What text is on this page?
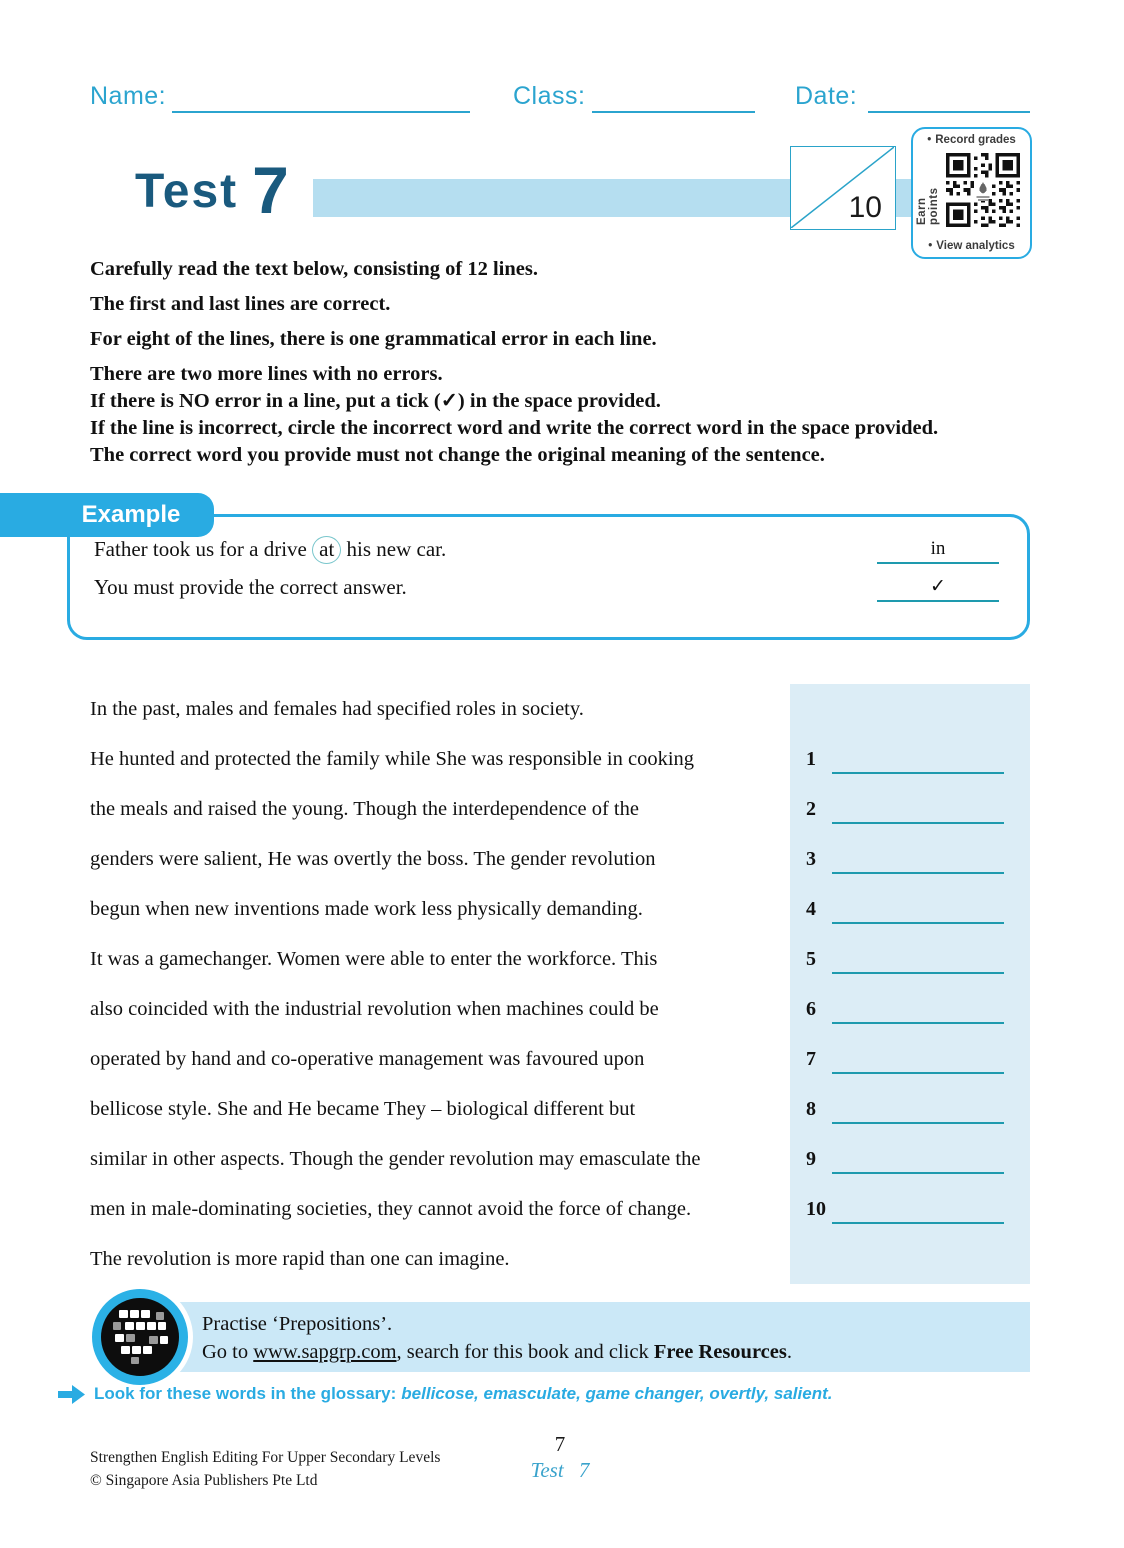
Name:	Class:	Date:
Test 7	10
• Record grades
Earn points
• View analytics
Carefully read the text below, consisting of 12 lines.
The first and last lines are correct.
For eight of the lines, there is one grammatical error in each line.
There are two more lines with no errors.
If there is NO error in a line, put a tick (✓) in the space provided.
If the line is incorrect, circle the incorrect word and write the correct word in the space provided.
The correct word you provide must not change the original meaning of the sentence.
Example
Father took us for a drive at his new car.	in
You must provide the correct answer.	✓
In the past, males and females had specified roles in society.
He hunted and protected the family while She was responsible in cooking	1
the meals and raised the young. Though the interdependence of the	2
genders were salient, He was overtly the boss. The gender revolution	3
begun when new inventions made work less physically demanding.	4
It was a gamechanger. Women were able to enter the workforce. This	5
also coincided with the industrial revolution when machines could be	6
operated by hand and co-operative management was favoured upon	7
bellicose style. She and He became They – biological different but	8
similar in other aspects. Though the gender revolution may emasculate the	9
men in male-dominating societies, they cannot avoid the force of change.	10
The revolution is more rapid than one can imagine.
Practise ‘Prepositions’.
Go to www.sapgrp.com, search for this book and click Free Resources.
Look for these words in the glossary: bellicose, emasculate, game changer, overtly, salient.
Strengthen English Editing For Upper Secondary Levels
© Singapore Asia Publishers Pte Ltd
7
Test 7
